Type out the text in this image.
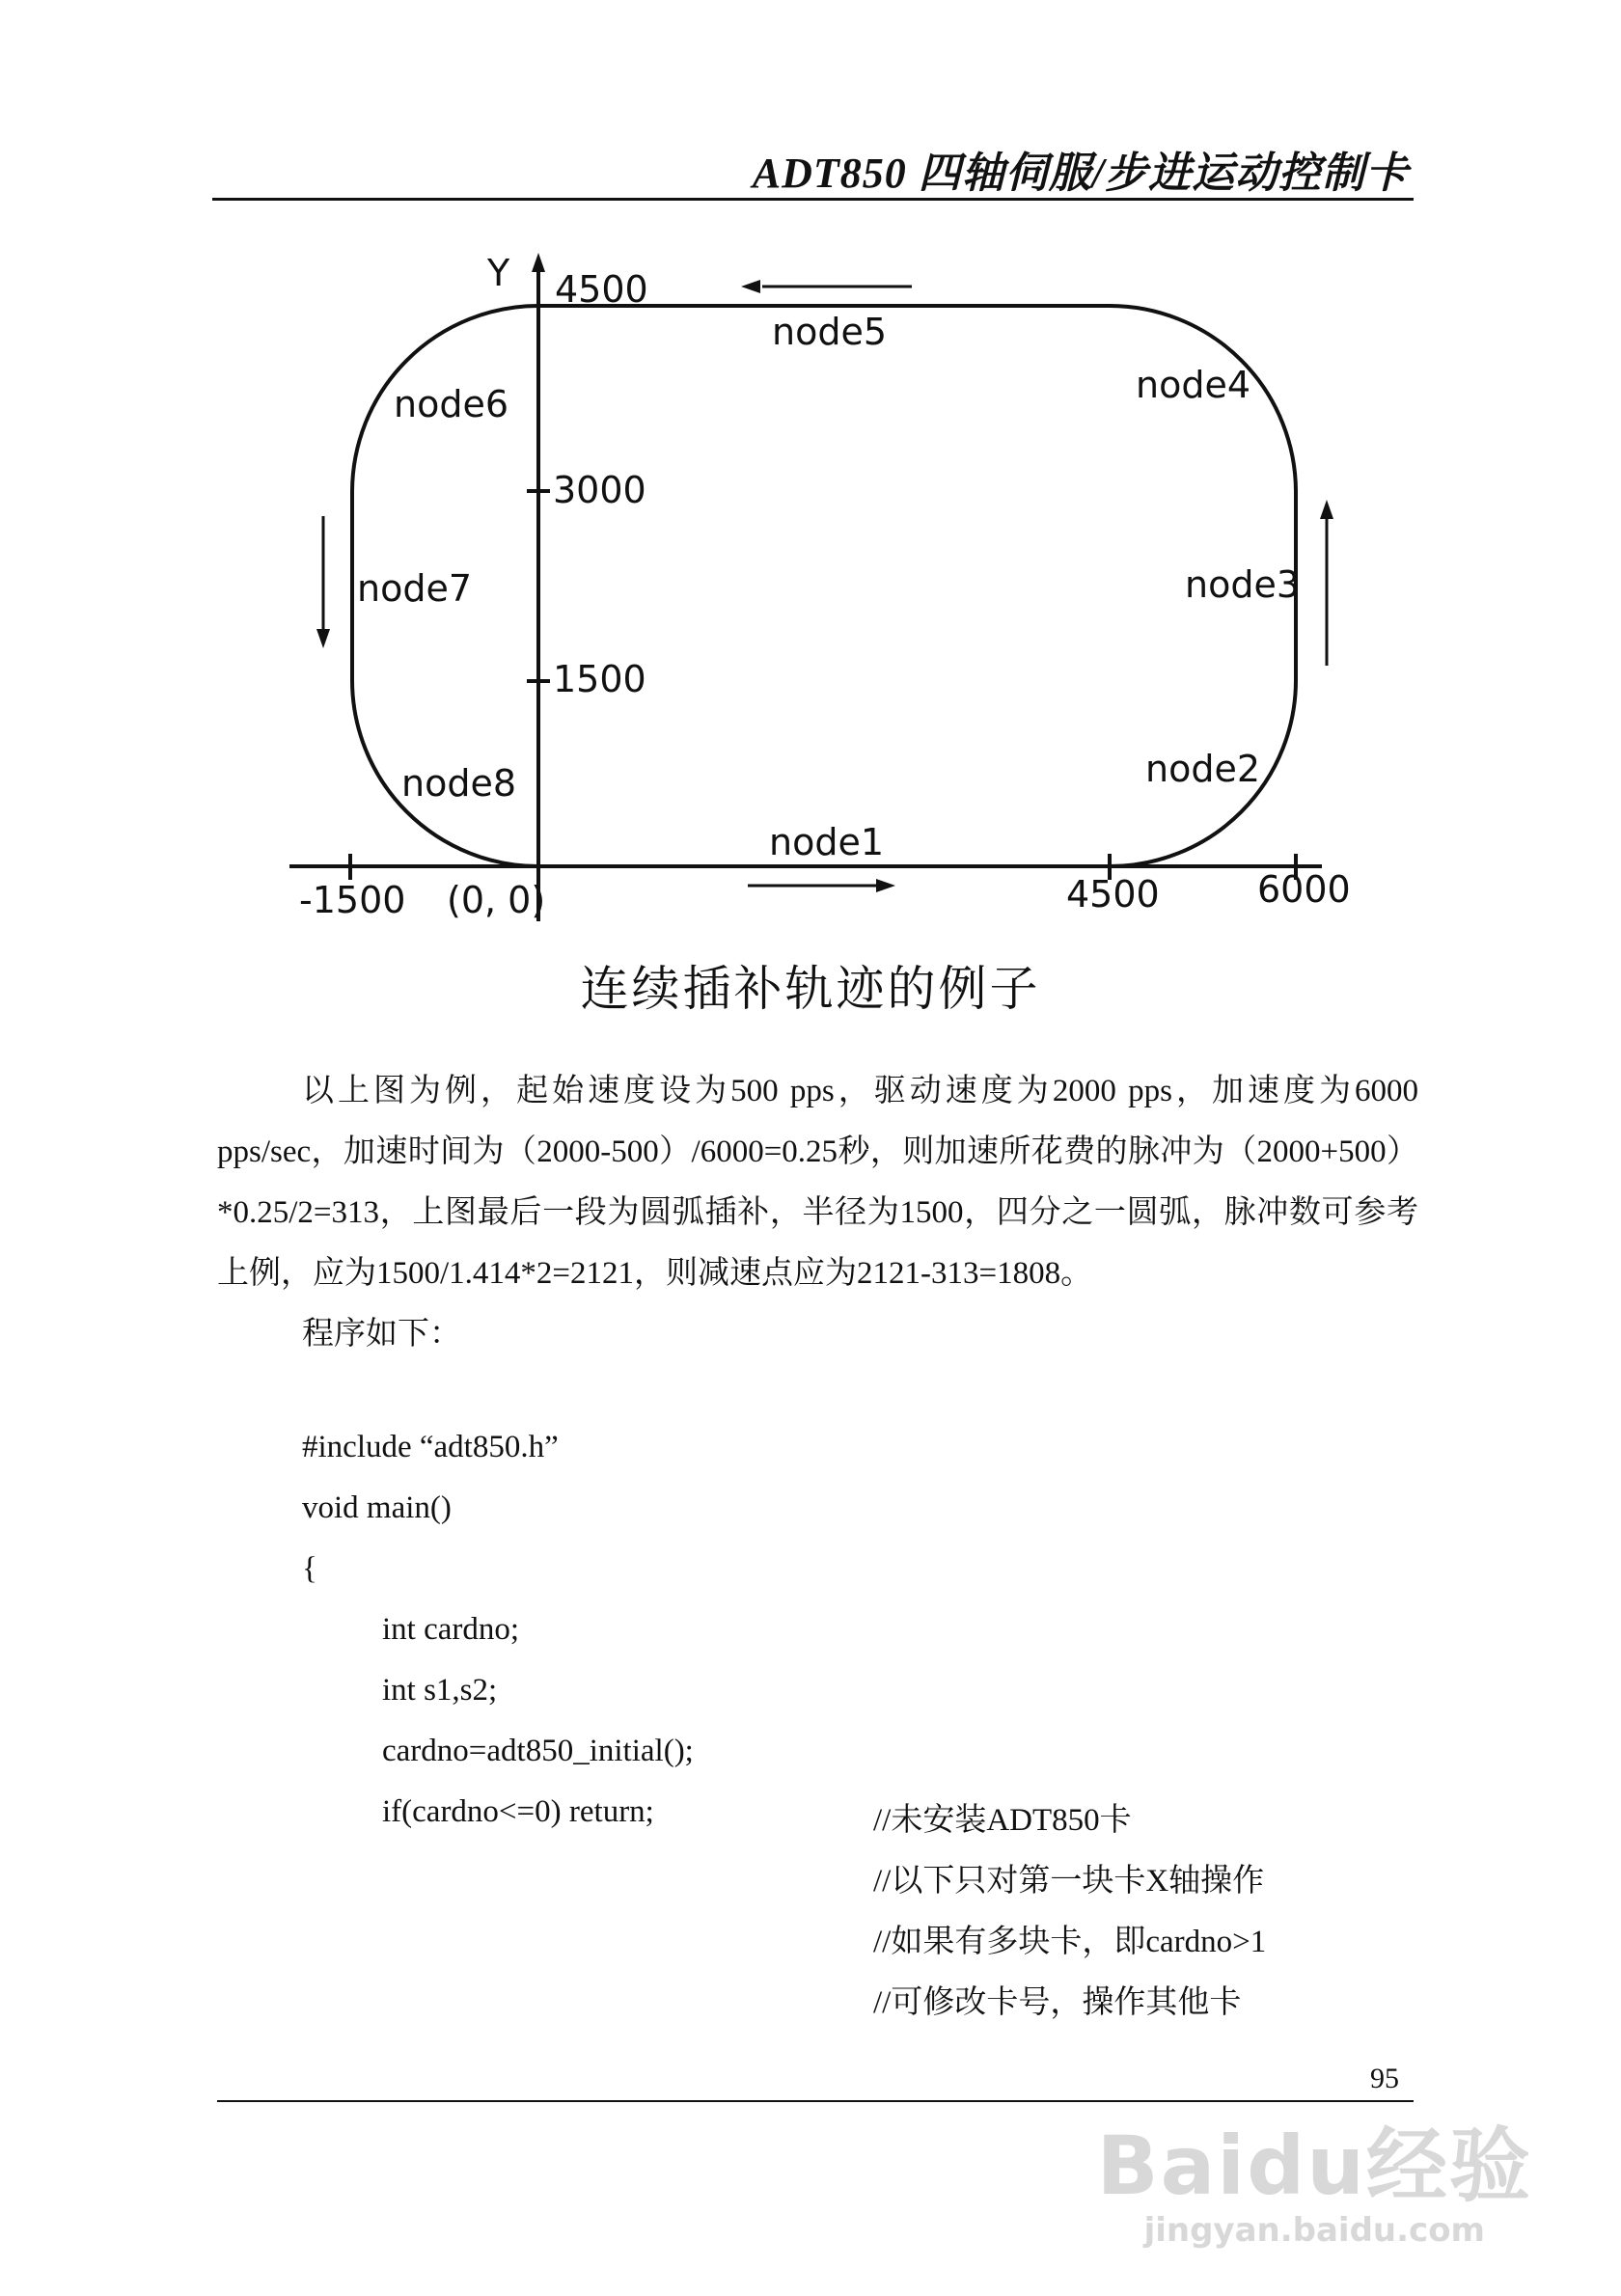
ADT850 四轴伺服/步进运动控制卡
Y 4500
3000
1500
-1500 (0, 0)	4500	6000
node1
node2
node3
node4
node5
node6
node7
node8
连续插补轨迹的例子

以上图为例，起始速度设为500 pps，驱动速度为2000 pps，加速度为6000 pps/sec，加速时间为（2000-500）/6000=0.25秒，则加速所花费的脉冲为（2000+500）*0.25/2=313，上图最后一段为圆弧插补，半径为1500，四分之一圆弧，脉冲数可参考上例，应为1500/1.414*2=2121，则减速点应为2121-313=1808。

程序如下：

#include “adt850.h”
void main()
{
int cardno;
int s1,s2;
cardno=adt850_initial();
if(cardno<=0) return;	//未安装ADT850卡
//以下只对第一块卡X轴操作
//如果有多块卡，即cardno>1
//可修改卡号，操作其他卡
95
Baidu经验
jingyan.baidu.com
